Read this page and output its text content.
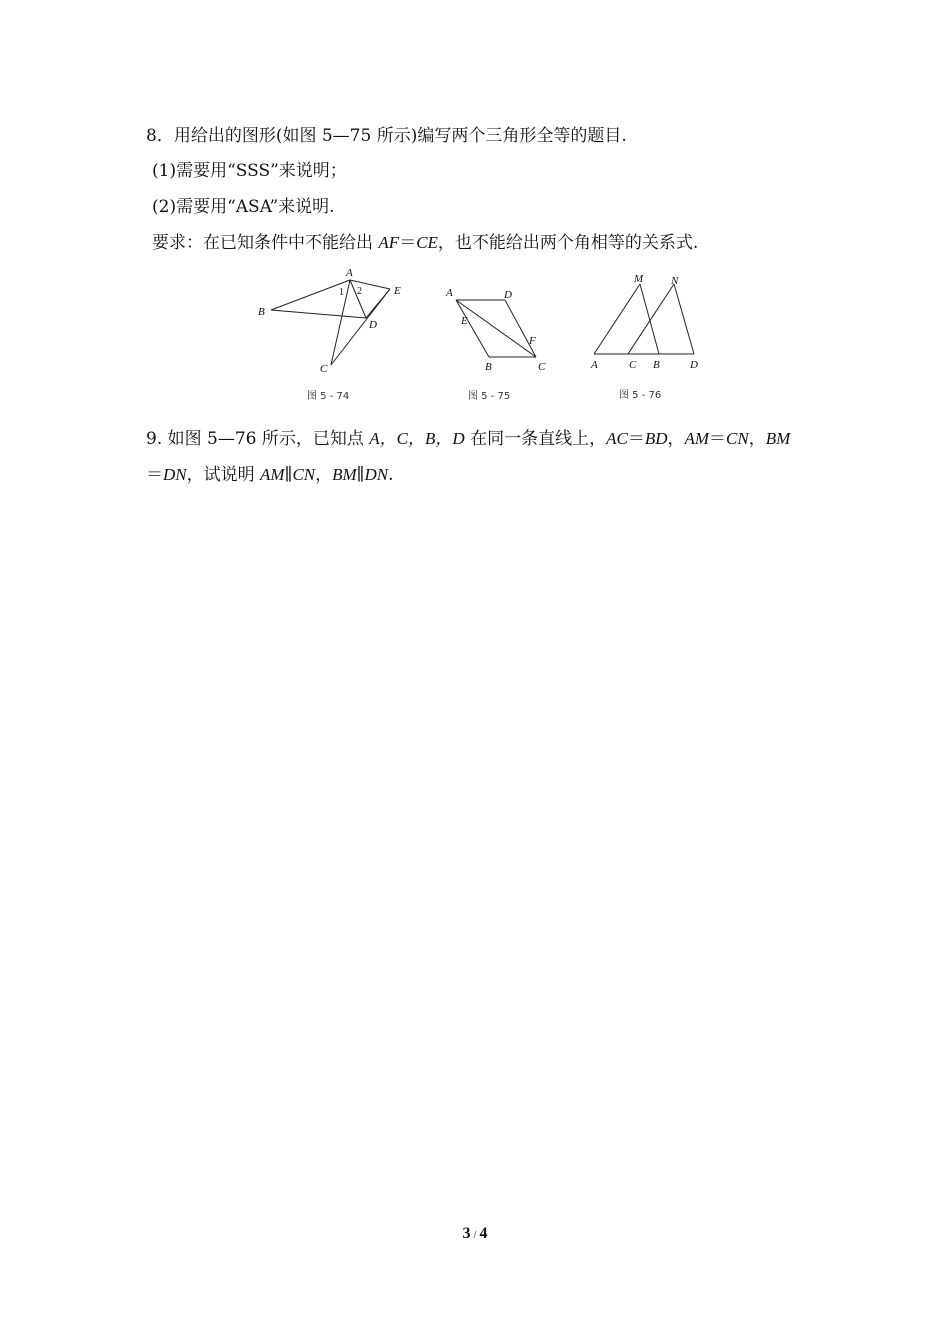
8．用给出的图形(如图 5—75 所示)编写两个三角形全等的题目.
(1)需要用“SSS”来说明；
(2)需要用“ASA”来说明.
要求：在已知条件中不能给出 AF＝CE，也不能给出两个角相等的关系式.
A
B
C
D
E
1 2
图 5 - 74
A	D
E
F
B	C
图 5 - 75
M	N
A	C B	D
图 5 - 76
9. 如图 5—76 所示，已知点 A，C，B，D 在同一条直线上，AC＝BD，AM＝CN，BM
＝DN，试说明 AM∥CN，BM∥DN.
3 / 4
